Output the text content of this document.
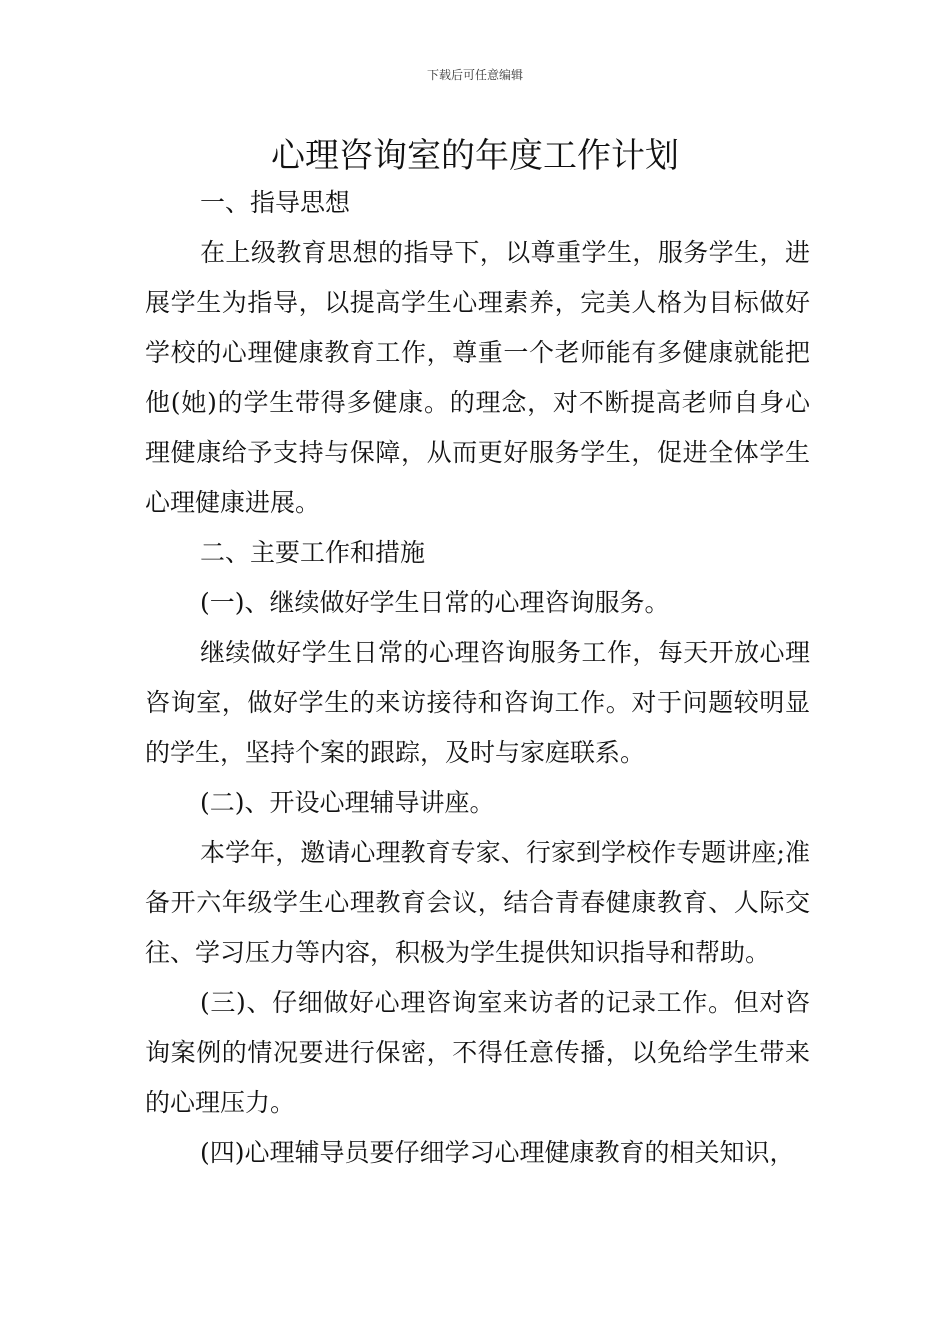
下载后可任意编辑
心理咨询室的年度工作计划

一、指导思想

在上级教育思想的指导下，以尊重学生，服务学生，进展学生为指导，以提高学生心理素养，完美人格为目标做好学校的心理健康教育工作，尊重一个老师能有多健康就能把他(她)的学生带得多健康。的理念，对不断提高老师自身心理健康给予支持与保障，从而更好服务学生，促进全体学生心理健康进展。

二、主要工作和措施

(一)、继续做好学生日常的心理咨询服务。

继续做好学生日常的心理咨询服务工作，每天开放心理咨询室，做好学生的来访接待和咨询工作。对于问题较明显的学生，坚持个案的跟踪，及时与家庭联系。

(二)、开设心理辅导讲座。

本学年，邀请心理教育专家、行家到学校作专题讲座;准备开六年级学生心理教育会议，结合青春健康教育、人际交往、学习压力等内容，积极为学生提供知识指导和帮助。

(三)、仔细做好心理咨询室来访者的记录工作。但对咨询案例的情况要进行保密，不得任意传播，以免给学生带来的心理压力。

(四)心理辅导员要仔细学习心理健康教育的相关知识，
